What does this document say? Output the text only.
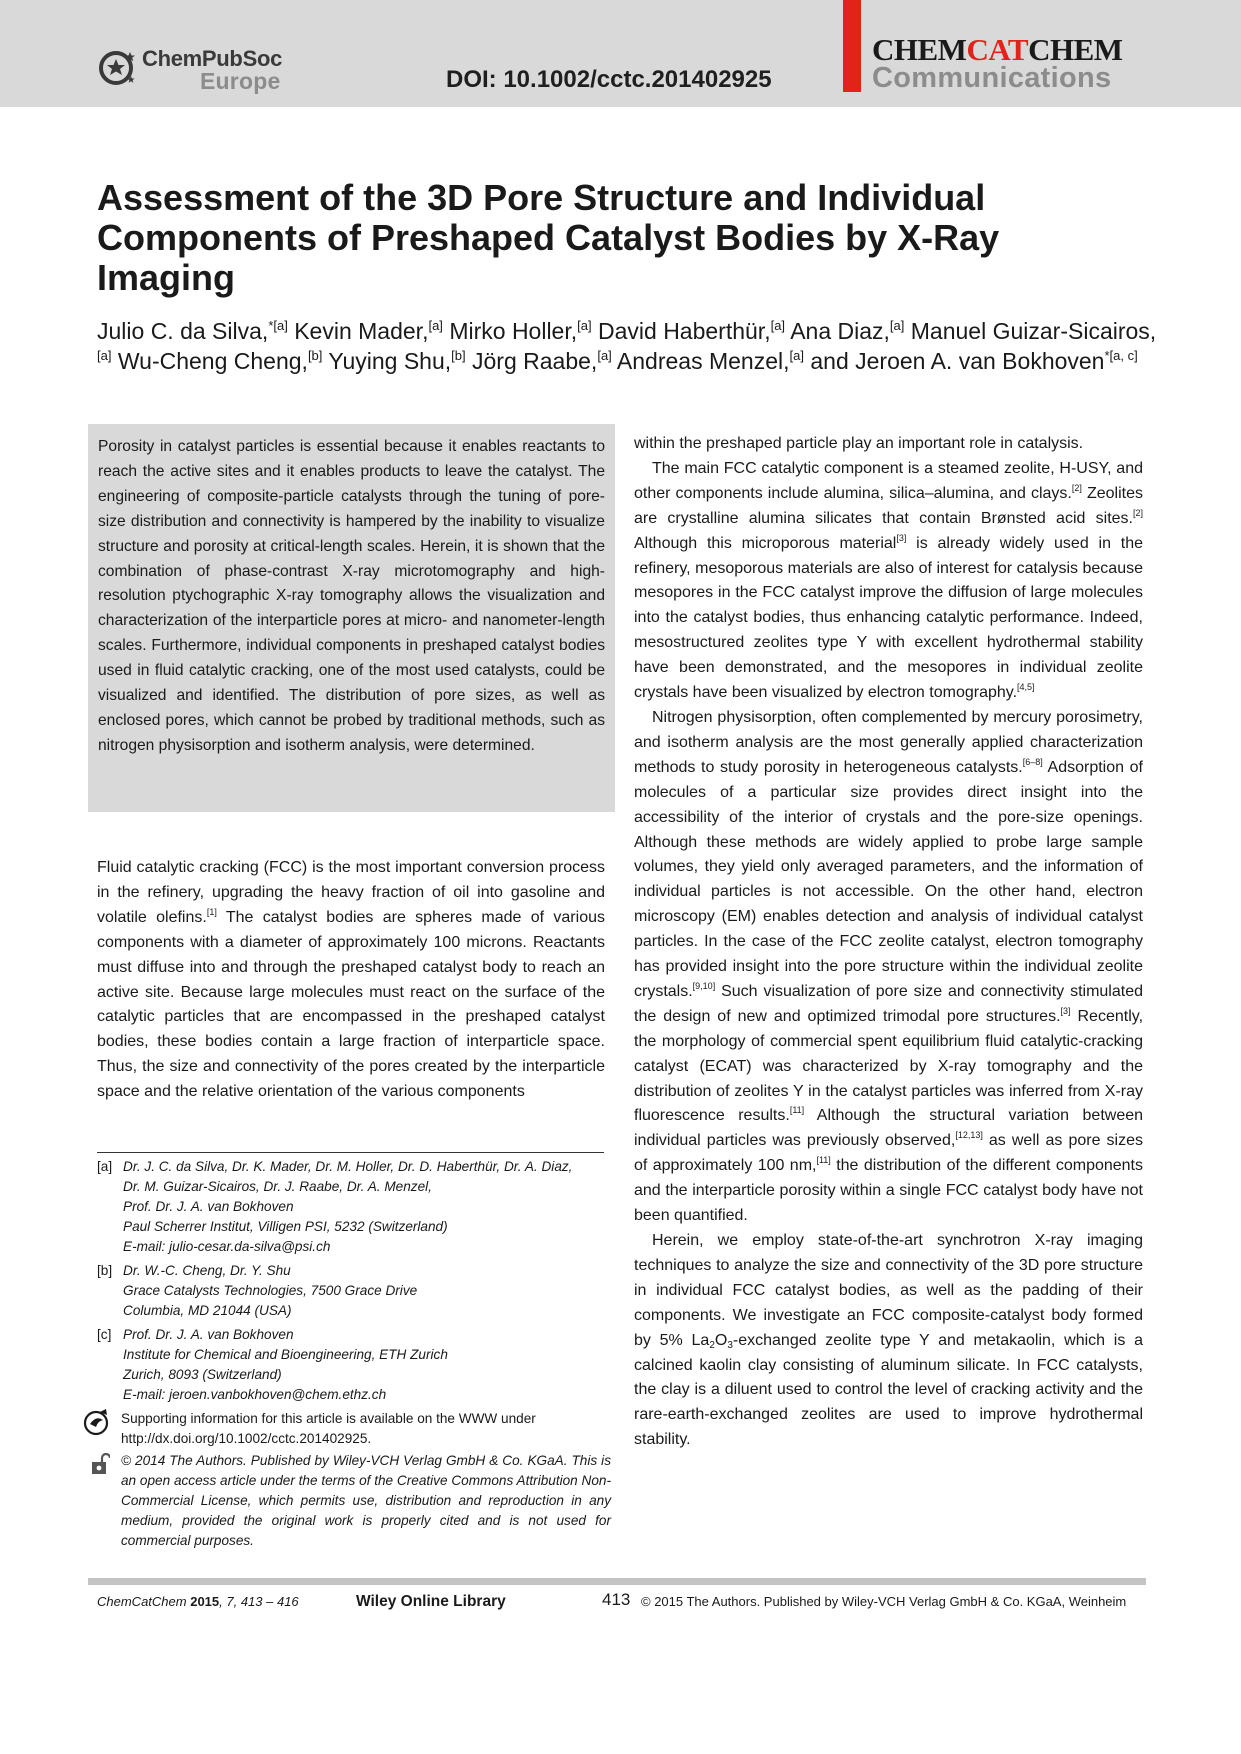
ChemPubSoc
Europe	DOI: 10.1002/cctc.201402925
CHEMCATCHEM
Communications
Assessment of the 3D Pore Structure and Individual Components of Preshaped Catalyst Bodies by X-Ray Imaging
Julio C. da Silva,$^{*[a]}$ Kevin Mader,[a] Mirko Holler,[a] David Haberthür,[a] Ana Diaz,[a] Manuel Guizar-Sicairos,[a] Wu-Cheng Cheng,[b] Yuying Shu,[b] Jörg Raabe,[a] Andreas Menzel,[a] and Jeroen A. van Bokhoven$^{*[a, c]}$
Porosity in catalyst particles is essential because it enables reactants to reach the active sites and it enables products to leave the catalyst. The engineering of composite-particle catalysts through the tuning of pore-size distribution and connectivity is hampered by the inability to visualize structure and porosity at critical-length scales. Herein, it is shown that the combination of phase-contrast X-ray microtomography and high-resolution ptychographic X-ray tomography allows the visualization and characterization of the interparticle pores at micro- and nanometer-length scales. Furthermore, individual components in preshaped catalyst bodies used in fluid catalytic cracking, one of the most used catalysts, could be visualized and identified. The distribution of pore sizes, as well as enclosed pores, which cannot be probed by traditional methods, such as nitrogen physisorption and isotherm analysis, were determined.

Fluid catalytic cracking (FCC) is the most important conversion process in the refinery, upgrading the heavy fraction of oil into gasoline and volatile olefins.[1] The catalyst bodies are spheres made of various components with a diameter of approximately 100 microns. Reactants must diffuse into and through the preshaped catalyst body to reach an active site. Because large molecules must react on the surface of the catalytic particles that are encompassed in the preshaped catalyst bodies, these bodies contain a large fraction of interparticle space. Thus, the size and connectivity of the pores created by the interparticle space and the relative orientation of the various components

within the preshaped particle play an important role in catalysis.

The main FCC catalytic component is a steamed zeolite, H-USY, and other components include alumina, silica–alumina, and clays.[2] Zeolites are crystalline alumina silicates that contain Brønsted acid sites.[2] Although this microporous material[3] is already widely used in the refinery, mesoporous materials are also of interest for catalysis because mesopores in the FCC catalyst improve the diffusion of large molecules into the catalyst bodies, thus enhancing catalytic performance. Indeed, mesostructured zeolites type Y with excellent hydrothermal stability have been demonstrated, and the mesopores in individual zeolite crystals have been visualized by electron tomography.[4,5]

Nitrogen physisorption, often complemented by mercury porosimetry, and isotherm analysis are the most generally applied characterization methods to study porosity in heterogeneous catalysts.[6–8] Adsorption of molecules of a particular size provides direct insight into the accessibility of the interior of crystals and the pore-size openings. Although these methods are widely applied to probe large sample volumes, they yield only averaged parameters, and the information of individual particles is not accessible. On the other hand, electron microscopy (EM) enables detection and analysis of individual catalyst particles. In the case of the FCC zeolite catalyst, electron tomography has provided insight into the pore structure within the individual zeolite crystals.[9,10] Such visualization of pore size and connectivity stimulated the design of new and optimized trimodal pore structures.[3] Recently, the morphology of commercial spent equilibrium fluid catalytic-cracking catalyst (ECAT) was characterized by X-ray tomography and the distribution of zeolites Y in the catalyst particles was inferred from X-ray fluorescence results.[11] Although the structural variation between individual particles was previously observed,[12,13] as well as pore sizes of approximately 100 nm,[11] the distribution of the different components and the interparticle porosity within a single FCC catalyst body have not been quantified.

Herein, we employ state-of-the-art synchrotron X-ray imaging techniques to analyze the size and connectivity of the 3D pore structure in individual FCC catalyst bodies, as well as the padding of their components. We investigate an FCC composite-catalyst body formed by 5% $La_2O_3$-exchanged zeolite type Y and metakaolin, which is a calcined kaolin clay consisting of aluminum silicate. In FCC catalysts, the clay is a diluent used to control the level of cracking activity and the rare-earth-exchanged zeolites are used to improve hydrothermal stability.

[a] Dr. J. C. da Silva, Dr. K. Mader, Dr. M. Holler, Dr. D. Haberthür, Dr. A. Diaz,
Dr. M. Guizar-Sicairos, Dr. J. Raabe, Dr. A. Menzel,
Prof. Dr. J. A. van Bokhoven
Paul Scherrer Institut, Villigen PSI, 5232 (Switzerland)
E-mail: julio-cesar.da-silva@psi.ch
[b] Dr. W.-C. Cheng, Dr. Y. Shu
Grace Catalysts Technologies, 7500 Grace Drive
Columbia, MD 21044 (USA)
[c] Prof. Dr. J. A. van Bokhoven
Institute for Chemical and Bioengineering, ETH Zurich
Zurich, 8093 (Switzerland)
E-mail: jeroen.vanbokhoven@chem.ethz.ch
Supporting information for this article is available on the WWW under http://dx.doi.org/10.1002/cctc.201402925.
© 2014 The Authors. Published by Wiley-VCH Verlag GmbH & Co. KGaA. This is an open access article under the terms of the Creative Commons Attribution Non-Commercial License, which permits use, distribution and reproduction in any medium, provided the original work is properly cited and is not used for commercial purposes.
ChemCatChem 2015, 7, 413 – 416	Wiley Online Library	413 © 2015 The Authors. Published by Wiley-VCH Verlag GmbH & Co. KGaA, Weinheim
